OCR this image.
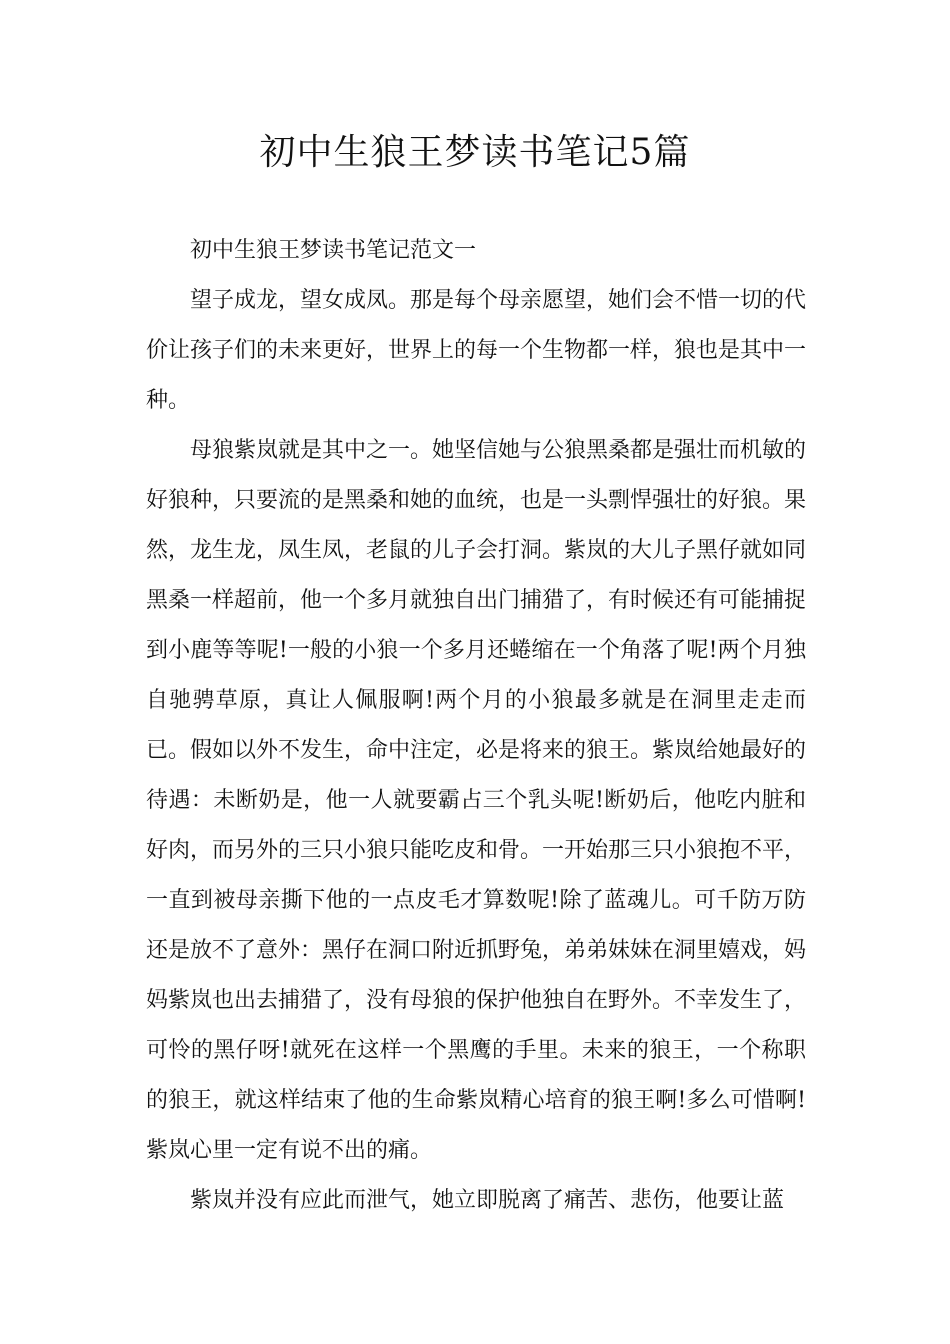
初中生狼王梦读书笔记5篇

初中生狼王梦读书笔记范文一

望子成龙，望女成凤。那是每个母亲愿望，她们会不惜一切的代价让孩子们的未来更好，世界上的每一个生物都一样，狼也是其中一种。

母狼紫岚就是其中之一。她坚信她与公狼黑桑都是强壮而机敏的好狼种，只要流的是黑桑和她的血统，也是一头剽悍强壮的好狼。果然，龙生龙，凤生凤，老鼠的儿子会打洞。紫岚的大儿子黑仔就如同黑桑一样超前，他一个多月就独自出门捕猎了，有时候还有可能捕捉到小鹿等等呢!一般的小狼一个多月还蜷缩在一个角落了呢!两个月独自驰骋草原，真让人佩服啊!两个月的小狼最多就是在洞里走走而已。假如以外不发生，命中注定，必是将来的狼王。紫岚给她最好的待遇：未断奶是，他一人就要霸占三个乳头呢!断奶后，他吃内脏和好肉，而另外的三只小狼只能吃皮和骨。一开始那三只小狼抱不平，一直到被母亲撕下他的一点皮毛才算数呢!除了蓝魂儿。可千防万防还是放不了意外：黑仔在洞口附近抓野兔，弟弟妹妹在洞里嬉戏，妈妈紫岚也出去捕猎了，没有母狼的保护他独自在野外。不幸发生了，可怜的黑仔呀!就死在这样一个黑鹰的手里。未来的狼王，一个称职的狼王，就这样结束了他的生命紫岚精心培育的狼王啊!多么可惜啊!紫岚心里一定有说不出的痛。

紫岚并没有应此而泄气，她立即脱离了痛苦、悲伤，他要让蓝
